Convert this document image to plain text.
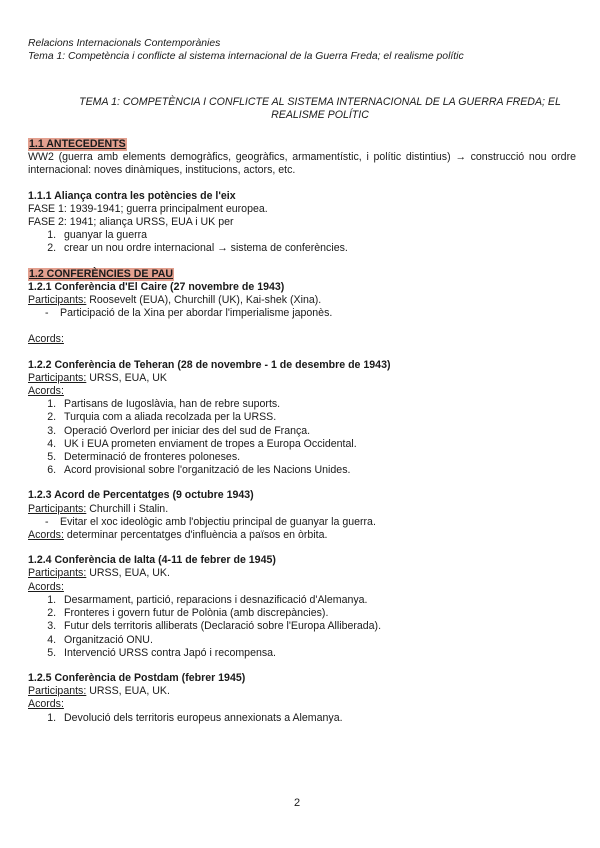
Relacions Internacionals Contemporànies
Tema 1: Competència i conflicte al sistema internacional de la Guerra Freda; el realisme polític
TEMA 1: COMPETÈNCIA I CONFLICTE AL SISTEMA INTERNACIONAL DE LA GUERRA FREDA; EL REALISME POLÍTIC
1.1 ANTECEDENTS
WW2 (guerra amb elements demogràfics, geogràfics, armamentístic, i polític distintius) → construcció nou ordre internacional: noves dinàmiques, institucions, actors, etc.
1.1.1 Aliança contra les potències de l'eix
FASE 1: 1939-1941; guerra principalment europea.
FASE 2: 1941; aliança URSS, EUA i UK per
1. guanyar la guerra
2. crear un nou ordre internacional → sistema de conferències.
1.2 CONFERÈNCIES DE PAU
1.2.1 Conferència d'El Caire (27 novembre de 1943)
Participants: Roosevelt (EUA), Churchill (UK), Kai-shek (Xina).
- Participació de la Xina per abordar l'imperialisme japonès.
Acords:
1.2.2 Conferència de Teheran (28 de novembre - 1 de desembre de 1943)
Participants: URSS, EUA, UK
Acords:
1. Partisans de Iugoslàvia, han de rebre suports.
2. Turquia com a aliada recolzada per la URSS.
3. Operació Overlord per iniciar des del sud de França.
4. UK i EUA prometen enviament de tropes a Europa Occidental.
5. Determinació de fronteres poloneses.
6. Acord provisional sobre l'organització de les Nacions Unides.
1.2.3 Acord de Percentatges (9 octubre 1943)
Participants: Churchill i Stalin.
- Evitar el xoc ideològic amb l'objectiu principal de guanyar la guerra.
Acords: determinar percentatges d'influència a països en òrbita.
1.2.4 Conferència de Ialta (4-11 de febrer de 1945)
Participants: URSS, EUA, UK.
Acords:
1. Desarmament, partició, reparacions i desnazificació d'Alemanya.
2. Fronteres i govern futur de Polònia (amb discrepàncies).
3. Futur dels territoris alliberats (Declaració sobre l'Europa Alliberada).
4. Organització ONU.
5. Intervenció URSS contra Japó i recompensa.
1.2.5 Conferència de Postdam (febrer 1945)
Participants: URSS, EUA, UK.
Acords:
1. Devolució dels territoris europeus annexionats a Alemanya.
2
